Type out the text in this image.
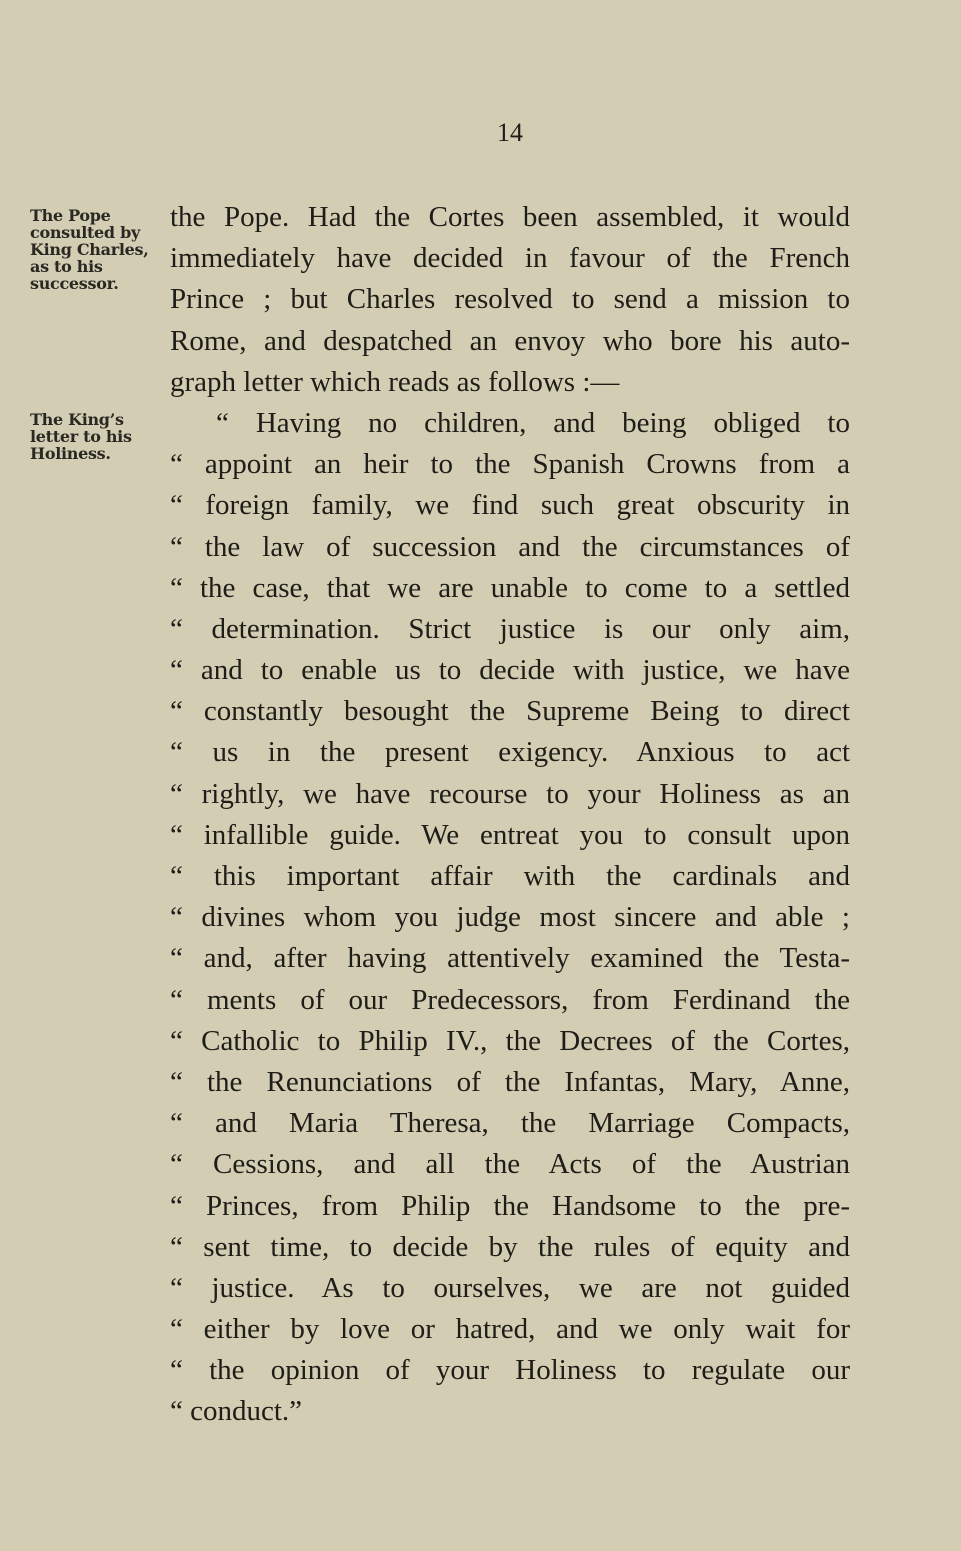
14
The Pope consulted by King Charles, as to his successor.
The King’s letter to his Holiness.
the Pope. Had the Cortes been assembled, it would
immediately have decided in favour of the French
Prince ; but Charles resolved to send a mission to
Rome, and despatched an envoy who bore his auto-
graph letter which reads as follows :—
“ Having no children, and being obliged to
“ appoint an heir to the Spanish Crowns from a
“ foreign family, we find such great obscurity in
“ the law of succession and the circumstances of
“ the case, that we are unable to come to a settled
“ determination. Strict justice is our only aim,
“ and to enable us to decide with justice, we have
“ constantly besought the Supreme Being to direct
“ us in the present exigency. Anxious to act
“ rightly, we have recourse to your Holiness as an
“ infallible guide. We entreat you to consult upon
“ this important affair with the cardinals and
“ divines whom you judge most sincere and able ;
“ and, after having attentively examined the Testa-
“ ments of our Predecessors, from Ferdinand the
“ Catholic to Philip IV., the Decrees of the Cortes,
“ the Renunciations of the Infantas, Mary, Anne,
“ and Maria Theresa, the Marriage Compacts,
“ Cessions, and all the Acts of the Austrian
“ Princes, from Philip the Handsome to the pre-
“ sent time, to decide by the rules of equity and
“ justice. As to ourselves, we are not guided
“ either by love or hatred, and we only wait for
“ the opinion of your Holiness to regulate our
“ conduct.”
